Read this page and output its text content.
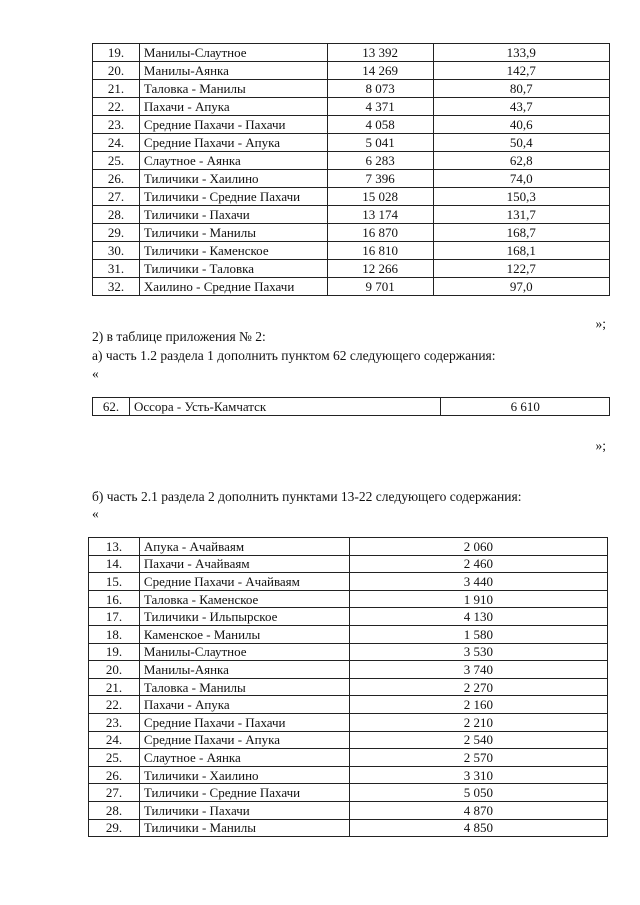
19.	Манилы-Слаутное	13 392	133,9
20.	Манилы-Аянка	14 269	142,7
21.	Таловка - Манилы	8 073	80,7
22.	Пахачи - Апука	4 371	43,7
23.	Средние Пахачи - Пахачи	4 058	40,6
24.	Средние Пахачи - Апука	5 041	50,4
25.	Слаутное - Аянка	6 283	62,8
26.	Тиличики - Хаилино	7 396	74,0
27.	Тиличики - Средние Пахачи	15 028	150,3
28.	Тиличики - Пахачи	13 174	131,7
29.	Тиличики - Манилы	16 870	168,7
30.	Тиличики - Каменское	16 810	168,1
31.	Тиличики - Таловка	12 266	122,7
32.	Хаилино - Средние Пахачи	9 701	97,0
»;
2) в таблице приложения № 2:
а) часть 1.2 раздела 1 дополнить пунктом 62 следующего содержания:
«
62.	Оссора - Усть-Камчатск	6 610
»;
б) часть 2.1 раздела 2 дополнить пунктами 13-22 следующего содержания:
«
13.	Апука - Ачайваям	2 060
14.	Пахачи - Ачайваям	2 460
15.	Средние Пахачи - Ачайваям	3 440
16.	Таловка - Каменское	1 910
17.	Тиличики - Ильпырское	4 130
18.	Каменское - Манилы	1 580
19.	Манилы-Слаутное	3 530
20.	Манилы-Аянка	3 740
21.	Таловка - Манилы	2 270
22.	Пахачи - Апука	2 160
23.	Средние Пахачи - Пахачи	2 210
24.	Средние Пахачи - Апука	2 540
25.	Слаутное - Аянка	2 570
26.	Тиличики - Хаилино	3 310
27.	Тиличики - Средние Пахачи	5 050
28.	Тиличики - Пахачи	4 870
29.	Тиличики - Манилы	4 850
